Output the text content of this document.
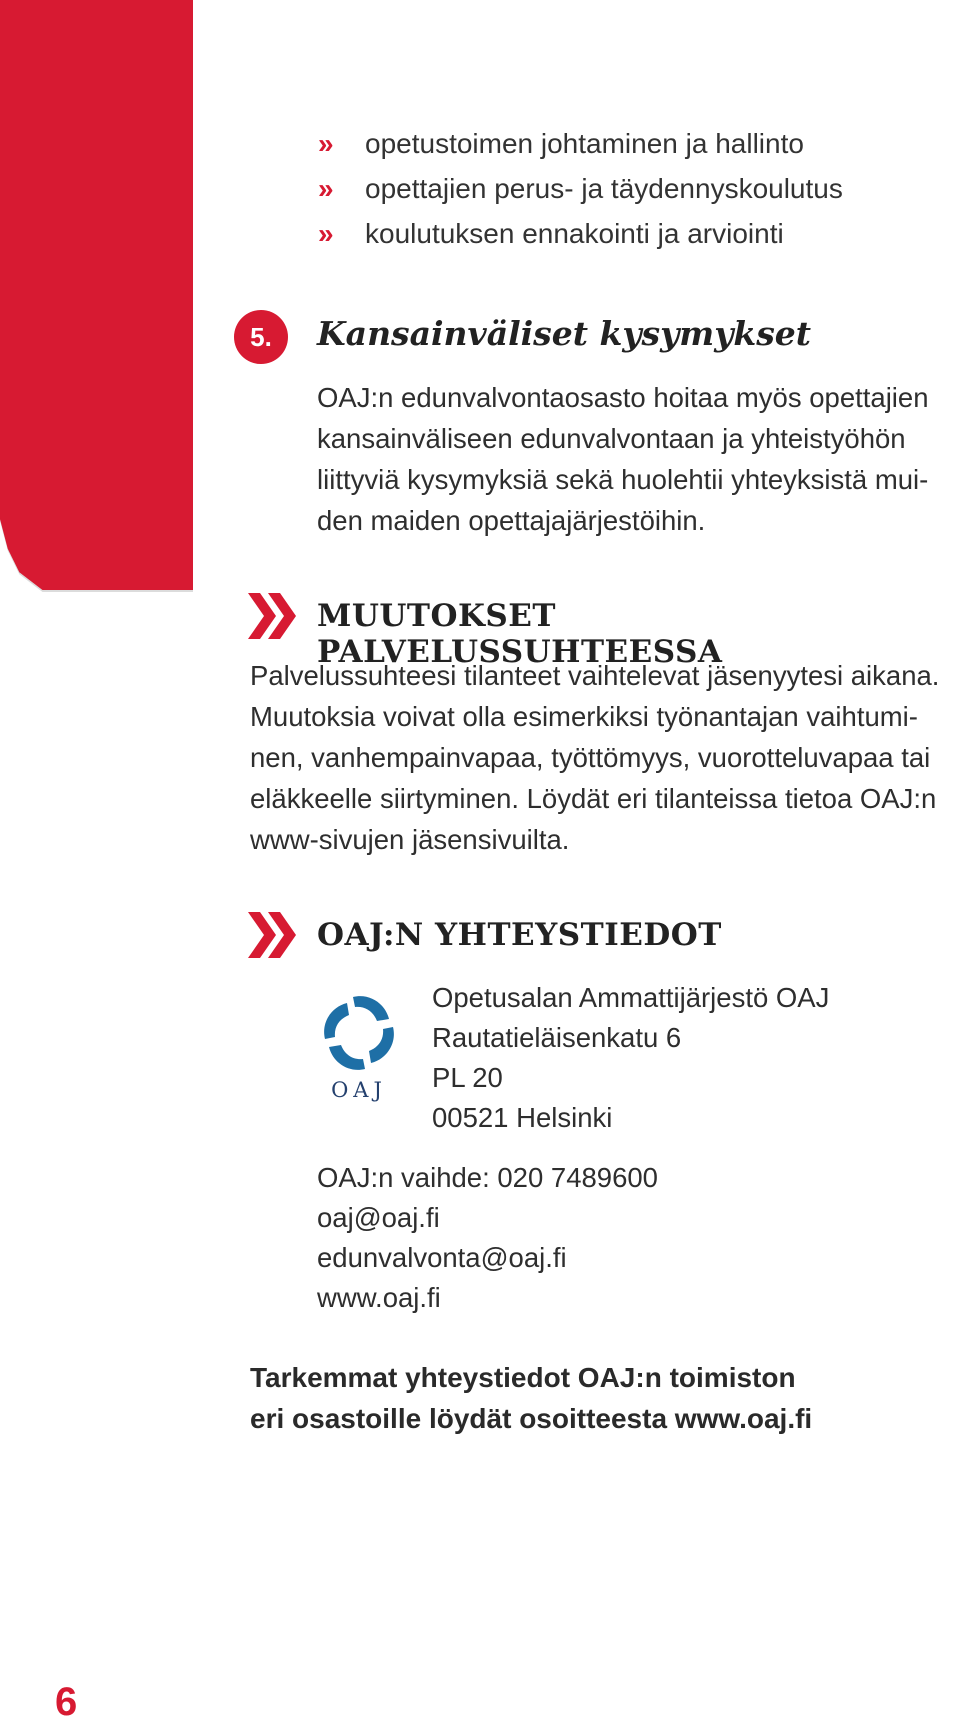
»	opetustoimen johtaminen ja hallinto
»	opettajien perus- ja täydennyskoulutus
»	koulutuksen ennakointi ja arviointi
5.	Kansainväliset kysymykset

OAJ:n edunvalvontaosasto hoitaa myös opettajien
kansainväliseen edunvalvontaan ja yhteistyöhön
liittyviä kysymyksiä sekä huolehtii yhteyksistä mui-
den maiden opettajajärjestöihin.

MUUTOKSET PALVELUSSUHTEESSA

Palvelussuhteesi tilanteet vaihtelevat jäsenyytesi aikana.
Muutoksia voivat olla esimerkiksi työnantajan vaihtumi-
nen, vanhempainvapaa, työttömyys, vuorotteluvapaa tai
eläkkeelle siirtyminen. Löydät eri tilanteissa tietoa OAJ:n
www-sivujen jäsensivuilta.

OAJ:N YHTEYSTIEDOT
OAJ
Opetusalan Ammattijärjestö OAJ
Rautatieläisenkatu 6
PL 20
00521 Helsinki
OAJ:n vaihde: 020 7489600
oaj@oaj.fi
edunvalvonta@oaj.fi
www.oaj.fi
Tarkemmat yhteystiedot OAJ:n toimiston
eri osastoille löydät osoitteesta www.oaj.fi
6
